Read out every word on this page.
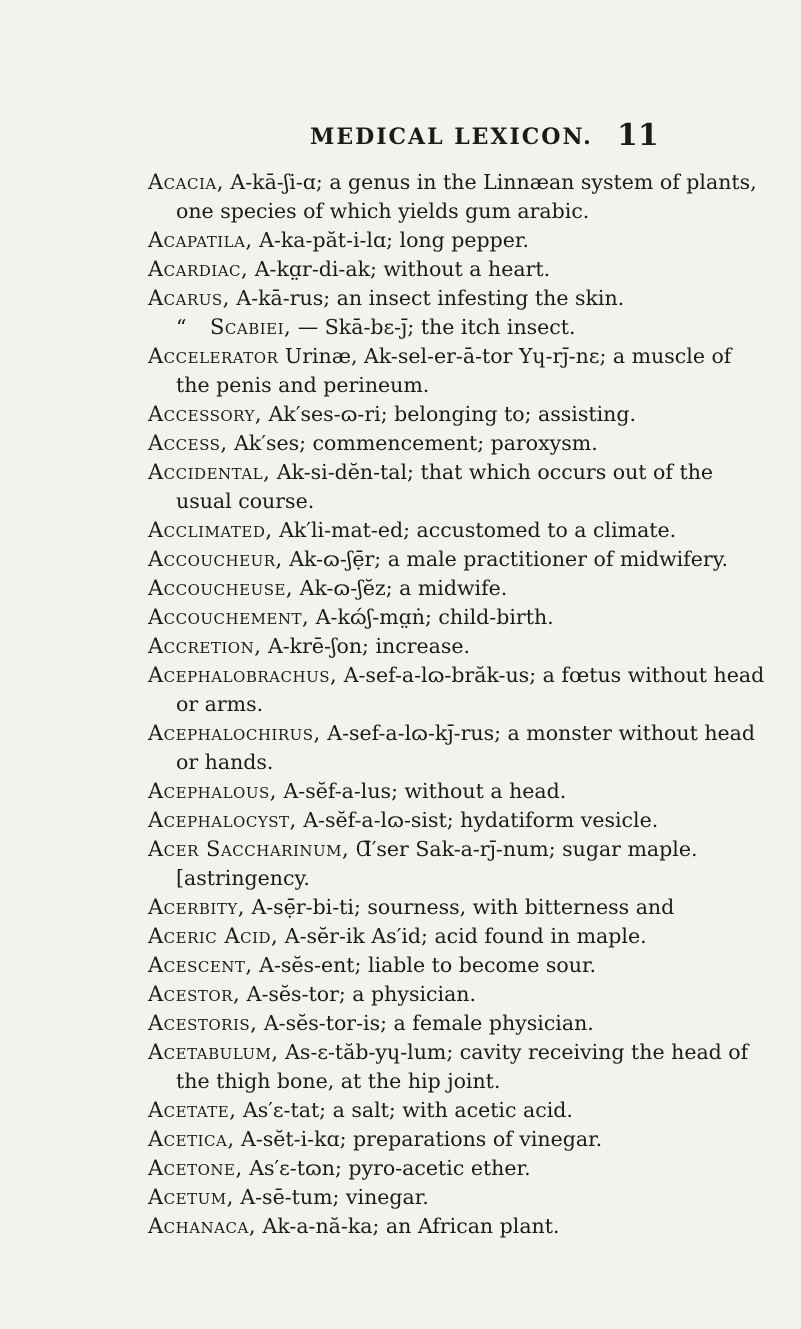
MEDICAL LEXICON. 11
Acacia, A-kā-ʃi-ɑ; a genus in the Linnæan system of plants, one species of which yields gum arabic.
Acapatila, A-ka-păt-i-lɑ; long pepper.
Acardiac, A-kɑ̤r-di-ak; without a heart.
Acarus, A-kā-rus; an insect infesting the skin.
“ Scabiei, — Skā-bɛ-ȷ̄; the itch insect.
Accelerator Urinæ, Ak-sel-er-ā-tor Yɥ-rȷ̄-nɛ; a muscle of the penis and perineum.
Accessory, Ak′ses-ɷ-ri; belonging to; assisting.
Access, Ak′ses; commencement; paroxysm.
Accidental, Ak-si-dĕn-tal; that which occurs out of the usual course.
Acclimated, Ak′li-mat-ed; accustomed to a climate.
Accoucheur, Ak-ɷ-ʃẹ̄r; a male practitioner of midwifery.
Accoucheuse, Ak-ɷ-ʃĕz; a midwife.
Accouchement, A-kɷ́ʃ-mɑ̤ṅ; child-birth.
Accretion, A-krē-ʃon; increase.
Acephalobrachus, A-sef-a-lɷ-brăk-us; a fœtus without head or arms.
Acephalochirus, A-sef-a-lɷ-kȷ̄-rus; a monster without head or hands.
Acephalous, A-sĕf-a-lus; without a head.
Acephalocyst, A-sĕf-a-lɷ-sist; hydatiform vesicle.
Acer Saccharinum, Ɑ̄′ser Sak-a-rȷ̄-num; sugar maple. [astringency.
Acerbity, A-sẹ̄r-bi-ti; sourness, with bitterness and
Aceric Acid, A-sĕr-ik As′id; acid found in maple.
Acescent, A-sĕs-ent; liable to become sour.
Acestor, A-sĕs-tor; a physician.
Acestoris, A-sĕs-tor-is; a female physician.
Acetabulum, As-ɛ-tăb-yɥ-lum; cavity receiving the head of the thigh bone, at the hip joint.
Acetate, As′ɛ-tat; a salt; with acetic acid.
Acetica, A-sĕt-i-kɑ; preparations of vinegar.
Acetone, As′ɛ-tɷn; pyro-acetic ether.
Acetum, A-sē-tum; vinegar.
Achanaca, Ak-a-nă-ka; an African plant.
